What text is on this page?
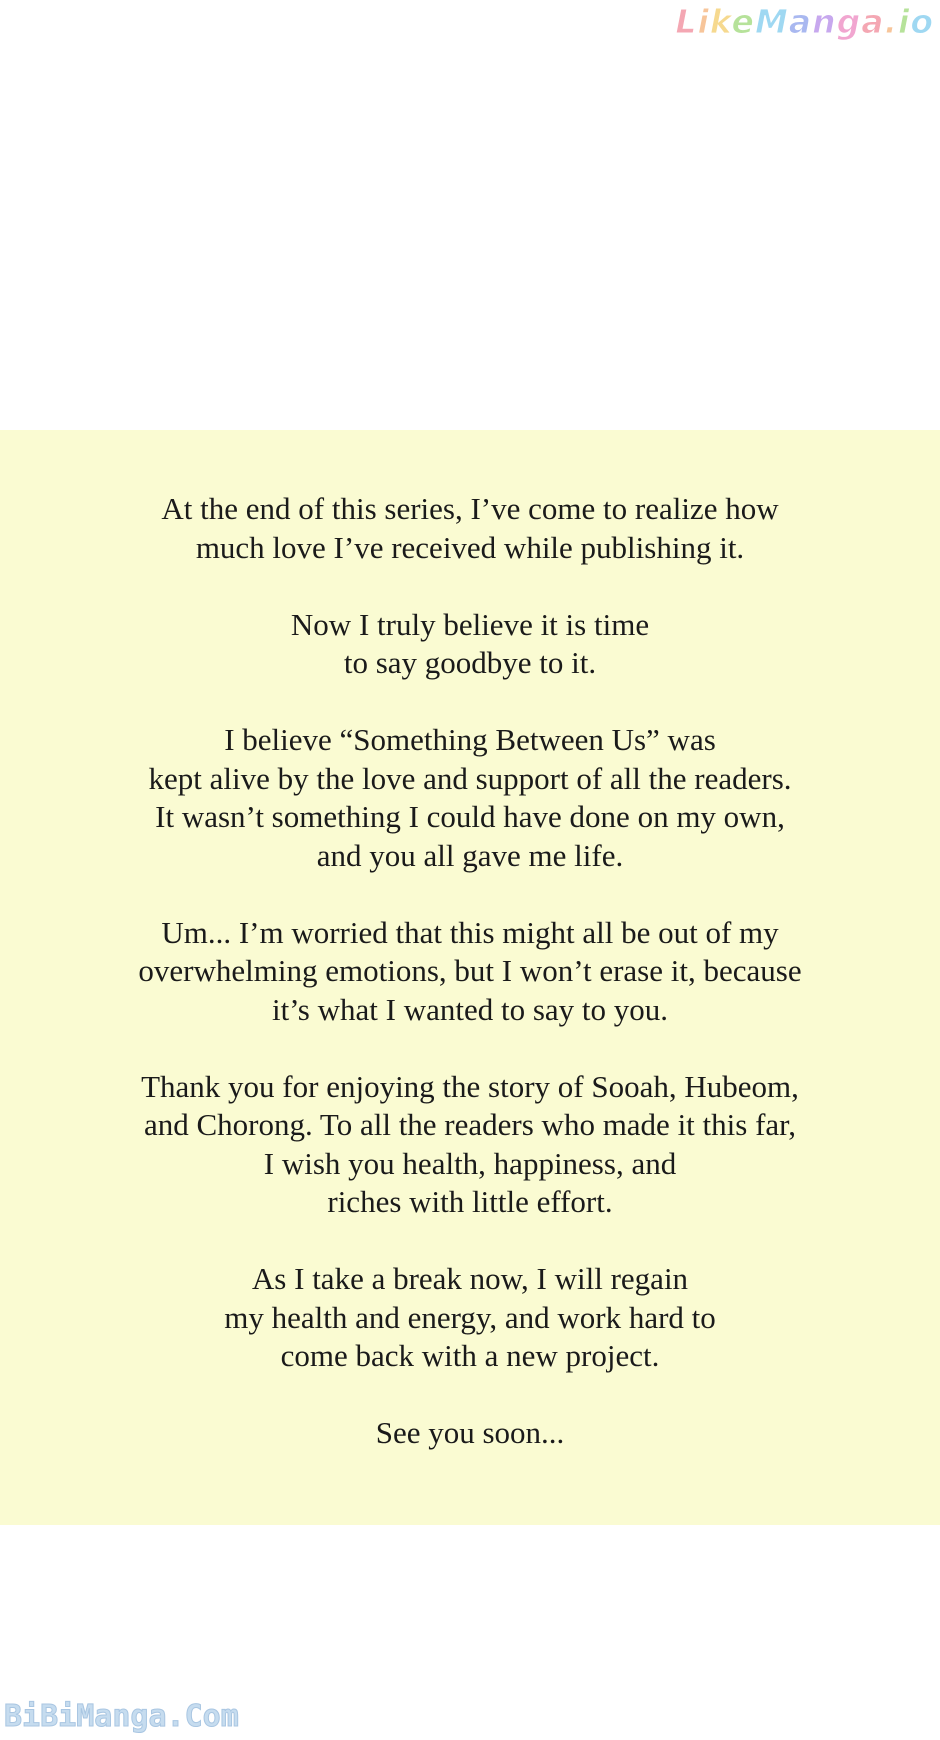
LikeManga.io

At the end of this series, I’ve come to realize how
much love I’ve received while publishing it.

Now I truly believe it is time
to say goodbye to it.

I believe “Something Between Us” was
kept alive by the love and support of all the readers.
It wasn’t something I could have done on my own,
and you all gave me life.

Um... I’m worried that this might all be out of my
overwhelming emotions, but I won’t erase it, because
it’s what I wanted to say to you.

Thank you for enjoying the story of Sooah, Hubeom,
and Chorong. To all the readers who made it this far,
I wish you health, happiness, and
riches with little effort.

As I take a break now, I will regain
my health and energy, and work hard to
come back with a new project.

See you soon...

BiBiManga.Com
